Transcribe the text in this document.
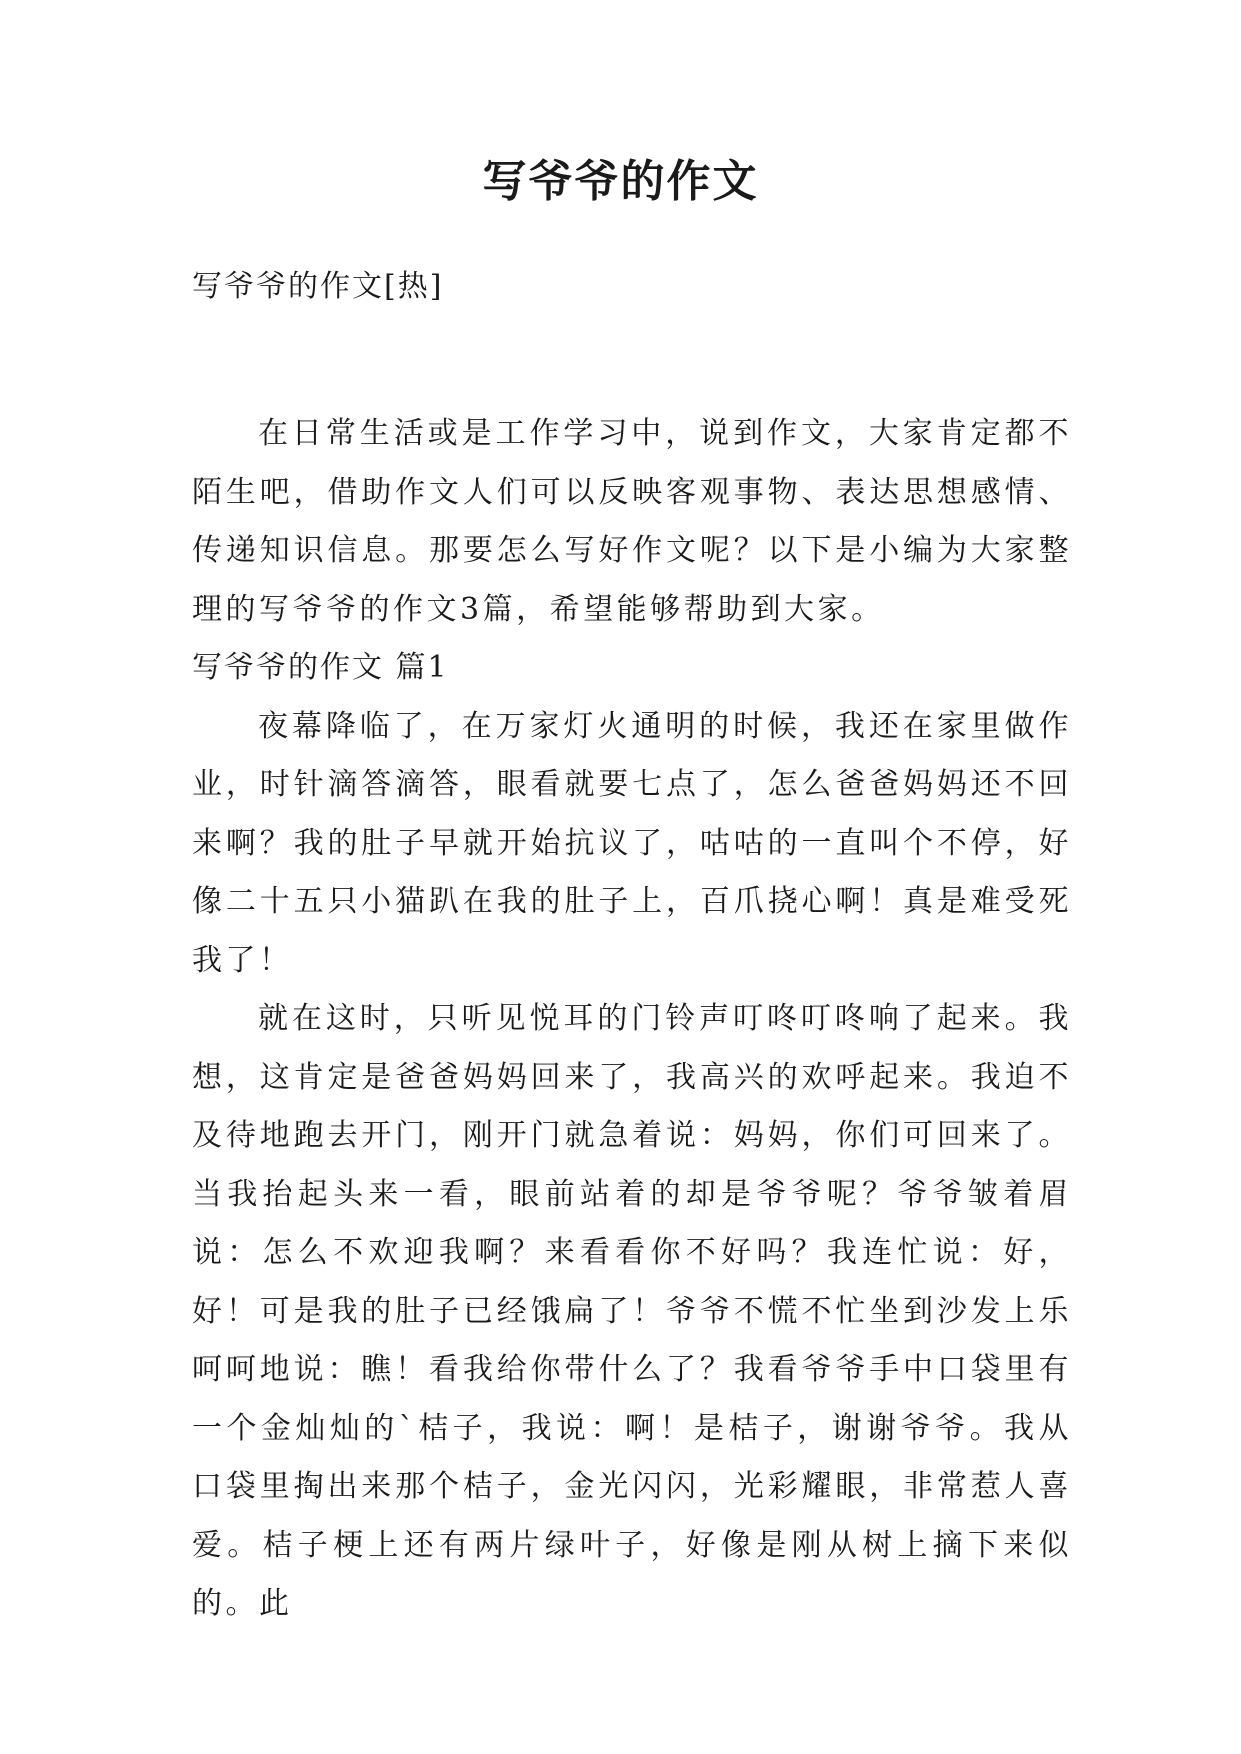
写爷爷的作文
写爷爷的作文[热]

在日常生活或是工作学习中，说到作文，大家肯定都不陌生吧，借助作文人们可以反映客观事物、表达思想感情、传递知识信息。那要怎么写好作文呢？以下是小编为大家整理的写爷爷的作文3篇，希望能够帮助到大家。

写爷爷的作文 篇1

夜幕降临了，在万家灯火通明的时候，我还在家里做作业，时针滴答滴答，眼看就要七点了，怎么爸爸妈妈还不回来啊？我的肚子早就开始抗议了，咕咕的一直叫个不停，好像二十五只小猫趴在我的肚子上，百爪挠心啊！真是难受死我了！

就在这时，只听见悦耳的门铃声叮咚叮咚响了起来。我想，这肯定是爸爸妈妈回来了，我高兴的欢呼起来。我迫不及待地跑去开门，刚开门就急着说：妈妈，你们可回来了。当我抬起头来一看，眼前站着的却是爷爷呢？爷爷皱着眉说：怎么不欢迎我啊？来看看你不好吗？我连忙说：好，好！可是我的肚子已经饿扁了！爷爷不慌不忙坐到沙发上乐呵呵地说：瞧！看我给你带什么了？我看爷爷手中口袋里有一个金灿灿的`桔子，我说：啊！是桔子，谢谢爷爷。我从口袋里掏出来那个桔子，金光闪闪，光彩耀眼，非常惹人喜爱。桔子梗上还有两片绿叶子，好像是刚从树上摘下来似的。此
